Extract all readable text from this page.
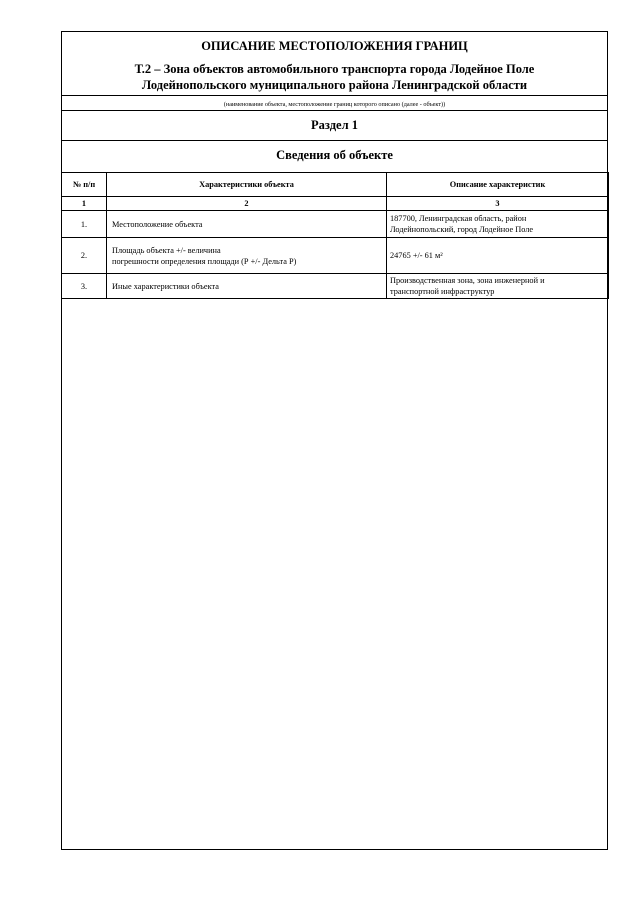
ОПИСАНИЕ МЕСТОПОЛОЖЕНИЯ ГРАНИЦ
Т.2 – Зона объектов автомобильного транспорта города Лодейное Поле
Лодейнопольского муниципального района Ленинградской области
(наименование объекта, местоположение границ которого описано (далее - объект))
Раздел 1
Сведения об объекте
№ п/п	Характеристики объекта	Описание характеристик
1	2	3
1.	Местоположение объекта	187700, Ленинградская область, район
Лодейнопольский, город Лодейное Поле

2.	Площадь объекта +/- величина
погрешности определения площади (Р +/- Дельта Р)	24765 +/- 61 м²

3.	Иные характеристики объекта	Производственная зона, зона инженерной и
транспортной инфраструктур
